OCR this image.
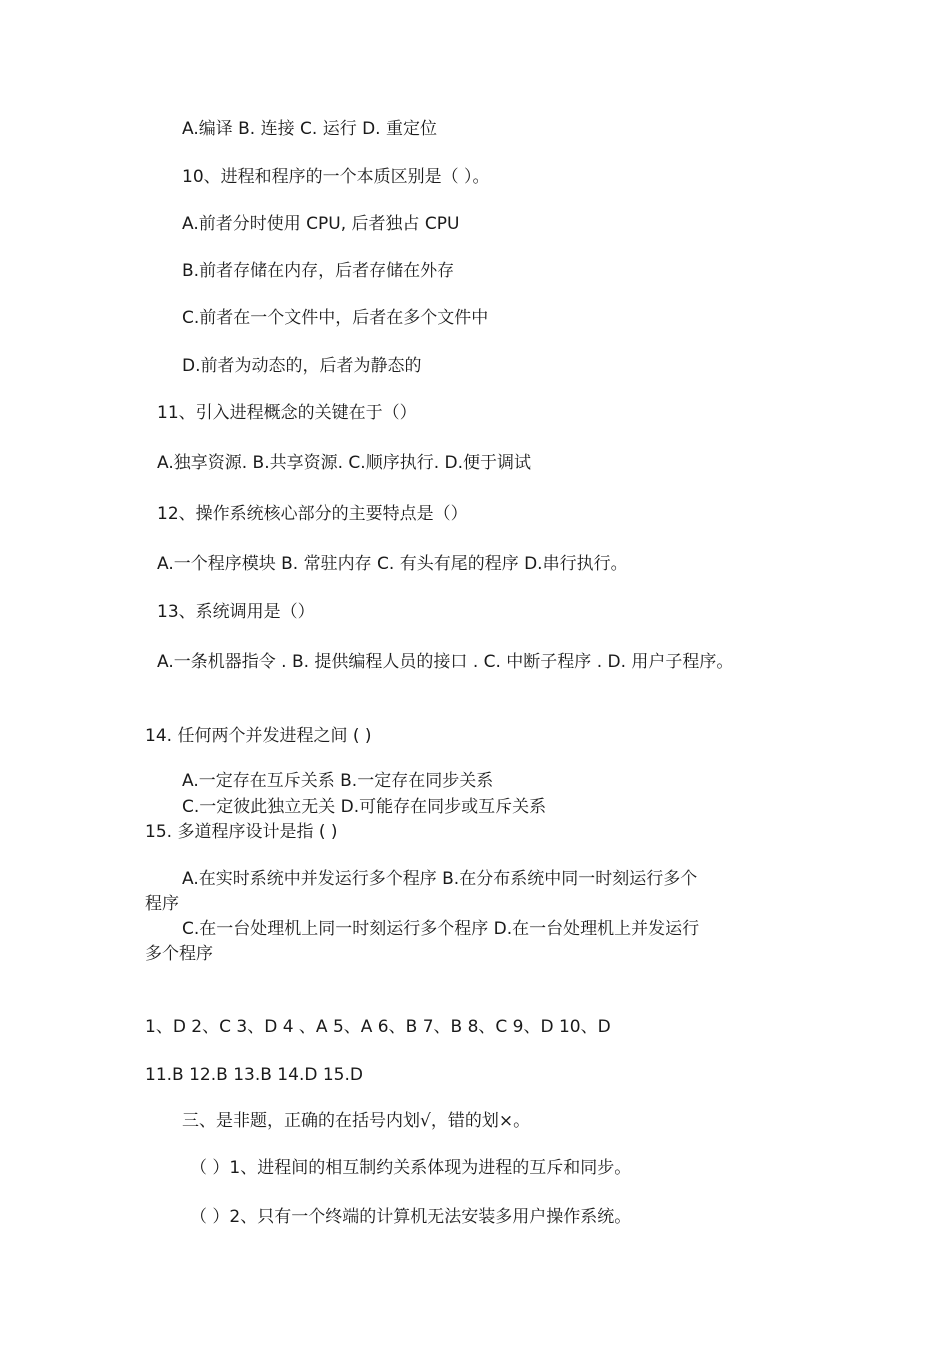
A.编译 B. 连接 C. 运行 D. 重定位
10、进程和程序的一个本质区别是（ ）。
A.前者分时使用 CPU, 后者独占 CPU
B.前者存储在内存，后者存储在外存
C.前者在一个文件中，后者在多个文件中
D.前者为动态的，后者为静态的
11、引入进程概念的关键在于（）
A.独享资源. B.共享资源. C.顺序执行. D.便于调试
12、操作系统核心部分的主要特点是（）
A.一个程序模块 B. 常驻内存 C. 有头有尾的程序 D.串行执行。
13、系统调用是（）
A.一条机器指令 . B. 提供编程人员的接口 . C. 中断子程序 . D. 用户子程序。
14. 任何两个并发进程之间 ( )
A.一定存在互斥关系 B.一定存在同步关系
C.一定彼此独立无关 D.可能存在同步或互斥关系
15. 多道程序设计是指 ( )
A.在实时系统中并发运行多个程序 B.在分布系统中同一时刻运行多个
程序
C.在一台处理机上同一时刻运行多个程序 D.在一台处理机上并发运行
多个程序
1、D 2、C 3、D 4 、A 5、A 6、B 7、B 8、C 9、D 10、D
11.B 12.B 13.B 14.D 15.D
三、是非题，正确的在括号内划√，错的划×。
（ ）1、进程间的相互制约关系体现为进程的互斥和同步。
（ ）2、只有一个终端的计算机无法安装多用户操作系统。
